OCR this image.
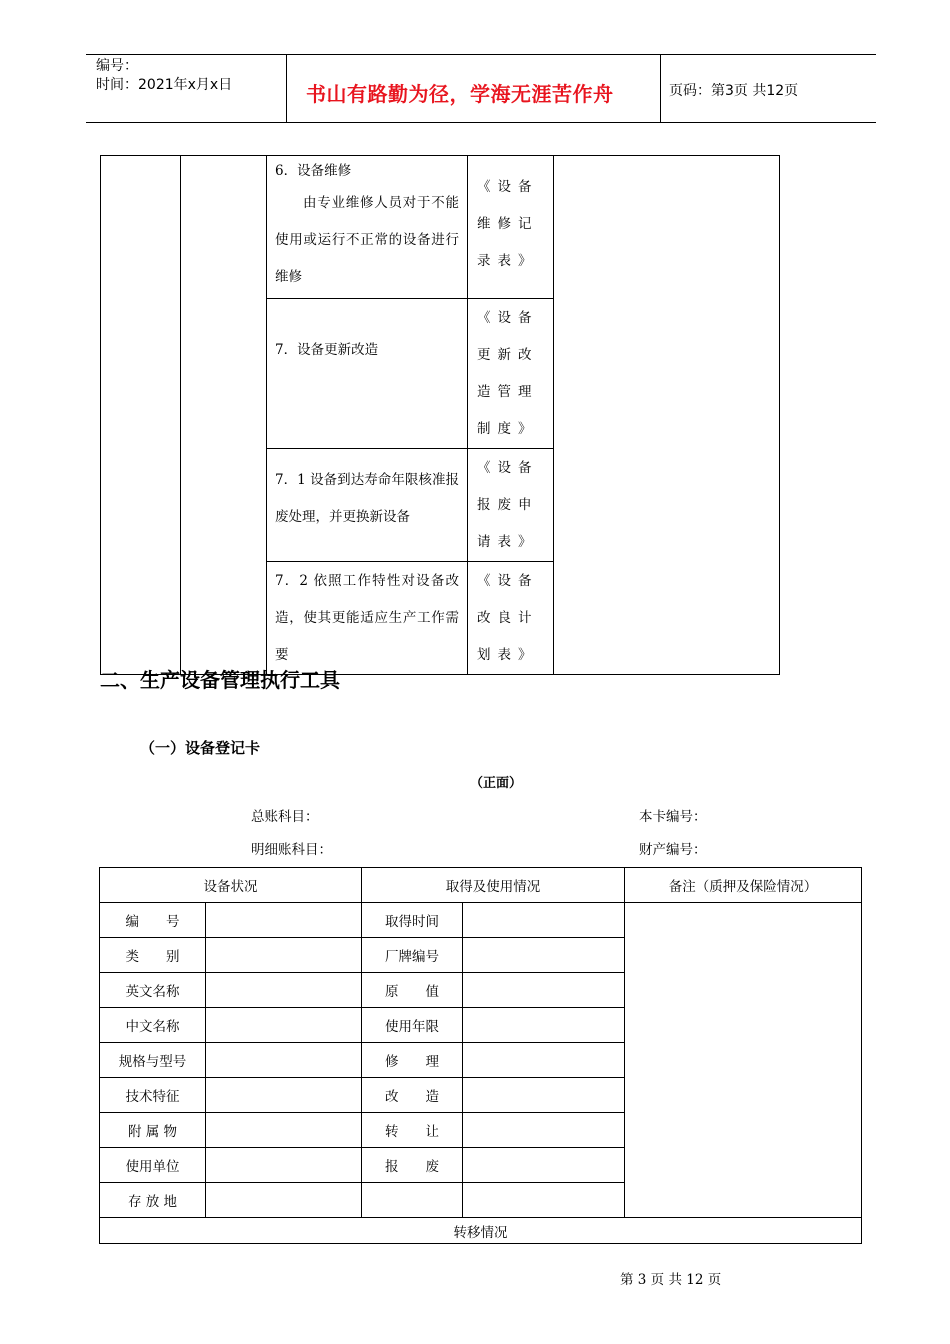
编号：
时间：2021年x月x日	书山有路勤为径，学海无涯苦作舟	页码：第3页 共12页

		6．设备维修
由专业维修人员对于不能使用或运行不正常的设备进行维修	《设备维修记录表》	

		7．设备更新改造	《设备更新改造管理制度》	

		7．1 设备到达寿命年限核准报废处理，并更换新设备	《设备报废申请表》	

		7．2 依照工作特性对设备改造，使其更能适应生产工作需要	《设备改良计划表》	
二、生产设备管理执行工具
（一）设备登记卡
（正面）
总账科目：	本卡编号：
明细账科目：	财产编号：
设备状况		取得及使用情况		备注（质押及保险情况）
编　　号		取得时间		
类　　别		厂牌编号		
英文名称		原　　值		
中文名称		使用年限		
规格与型号		修　　理		
技术特征		改　　造		
附 属 物		转　　让		
使用单位		报　　废		
存 放 地				
转移情况				
第 3 页 共 12 页
